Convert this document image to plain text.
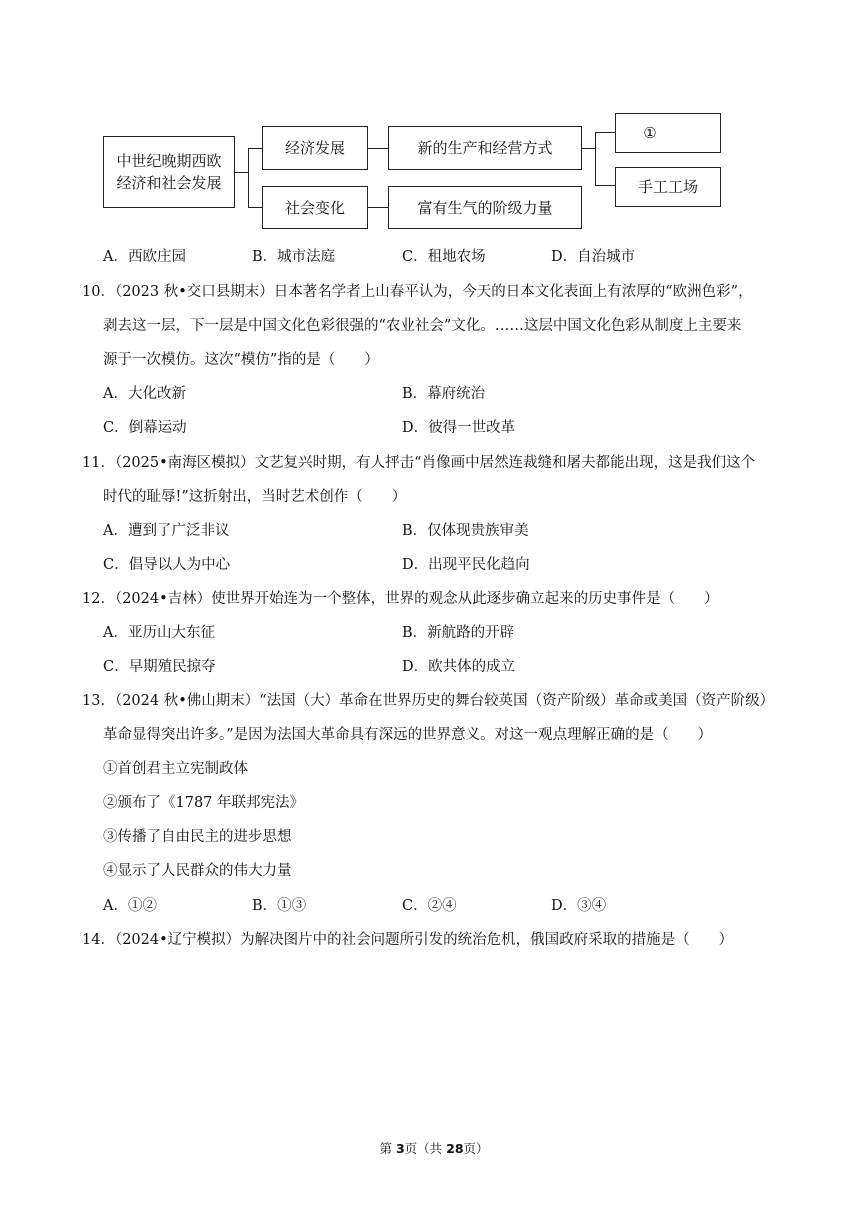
中世纪晚期西欧
经济和社会发展
经济发展
社会变化
新的生产和经营方式
富有生气的阶级力量
①
手工工场
A．西欧庄园	B．城市法庭	C．租地农场	D．自治城市
10．（2023 秋•交口县期末）日本著名学者上山春平认为，今天的日本文化表面上有浓厚的“欧洲色彩”，
剥去这一层，下一层是中国文化色彩很强的“农业社会”文化。……这层中国文化色彩从制度上主要来
源于一次模仿。这次“模仿”指的是（　　）
A．大化改新	B．幕府统治
C．倒幕运动	D．彼得一世改革
11．（2025•南海区模拟）文艺复兴时期，有人抨击“肖像画中居然连裁缝和屠夫都能出现，这是我们这个
时代的耻辱!”这折射出，当时艺术创作（　　）
A．遭到了广泛非议	B．仅体现贵族审美
C．倡导以人为中心	D．出现平民化趋向
12．（2024•吉林）使世界开始连为一个整体，世界的观念从此逐步确立起来的历史事件是（　　）
A．亚历山大东征	B．新航路的开辟
C．早期殖民掠夺	D．欧共体的成立
13．（2024 秋•佛山期末）“法国（大）革命在世界历史的舞台较英国（资产阶级）革命或美国（资产阶级）
革命显得突出许多。”是因为法国大革命具有深远的世界意义。对这一观点理解正确的是（　　）
①首创君主立宪制政体
②颁布了《1787 年联邦宪法》
③传播了自由民主的进步思想
④显示了人民群众的伟大力量
A．①②	B．①③	C．②④	D．③④
14．（2024•辽宁模拟）为解决图片中的社会问题所引发的统治危机，俄国政府采取的措施是（　　）
第 3页（共 28页）
